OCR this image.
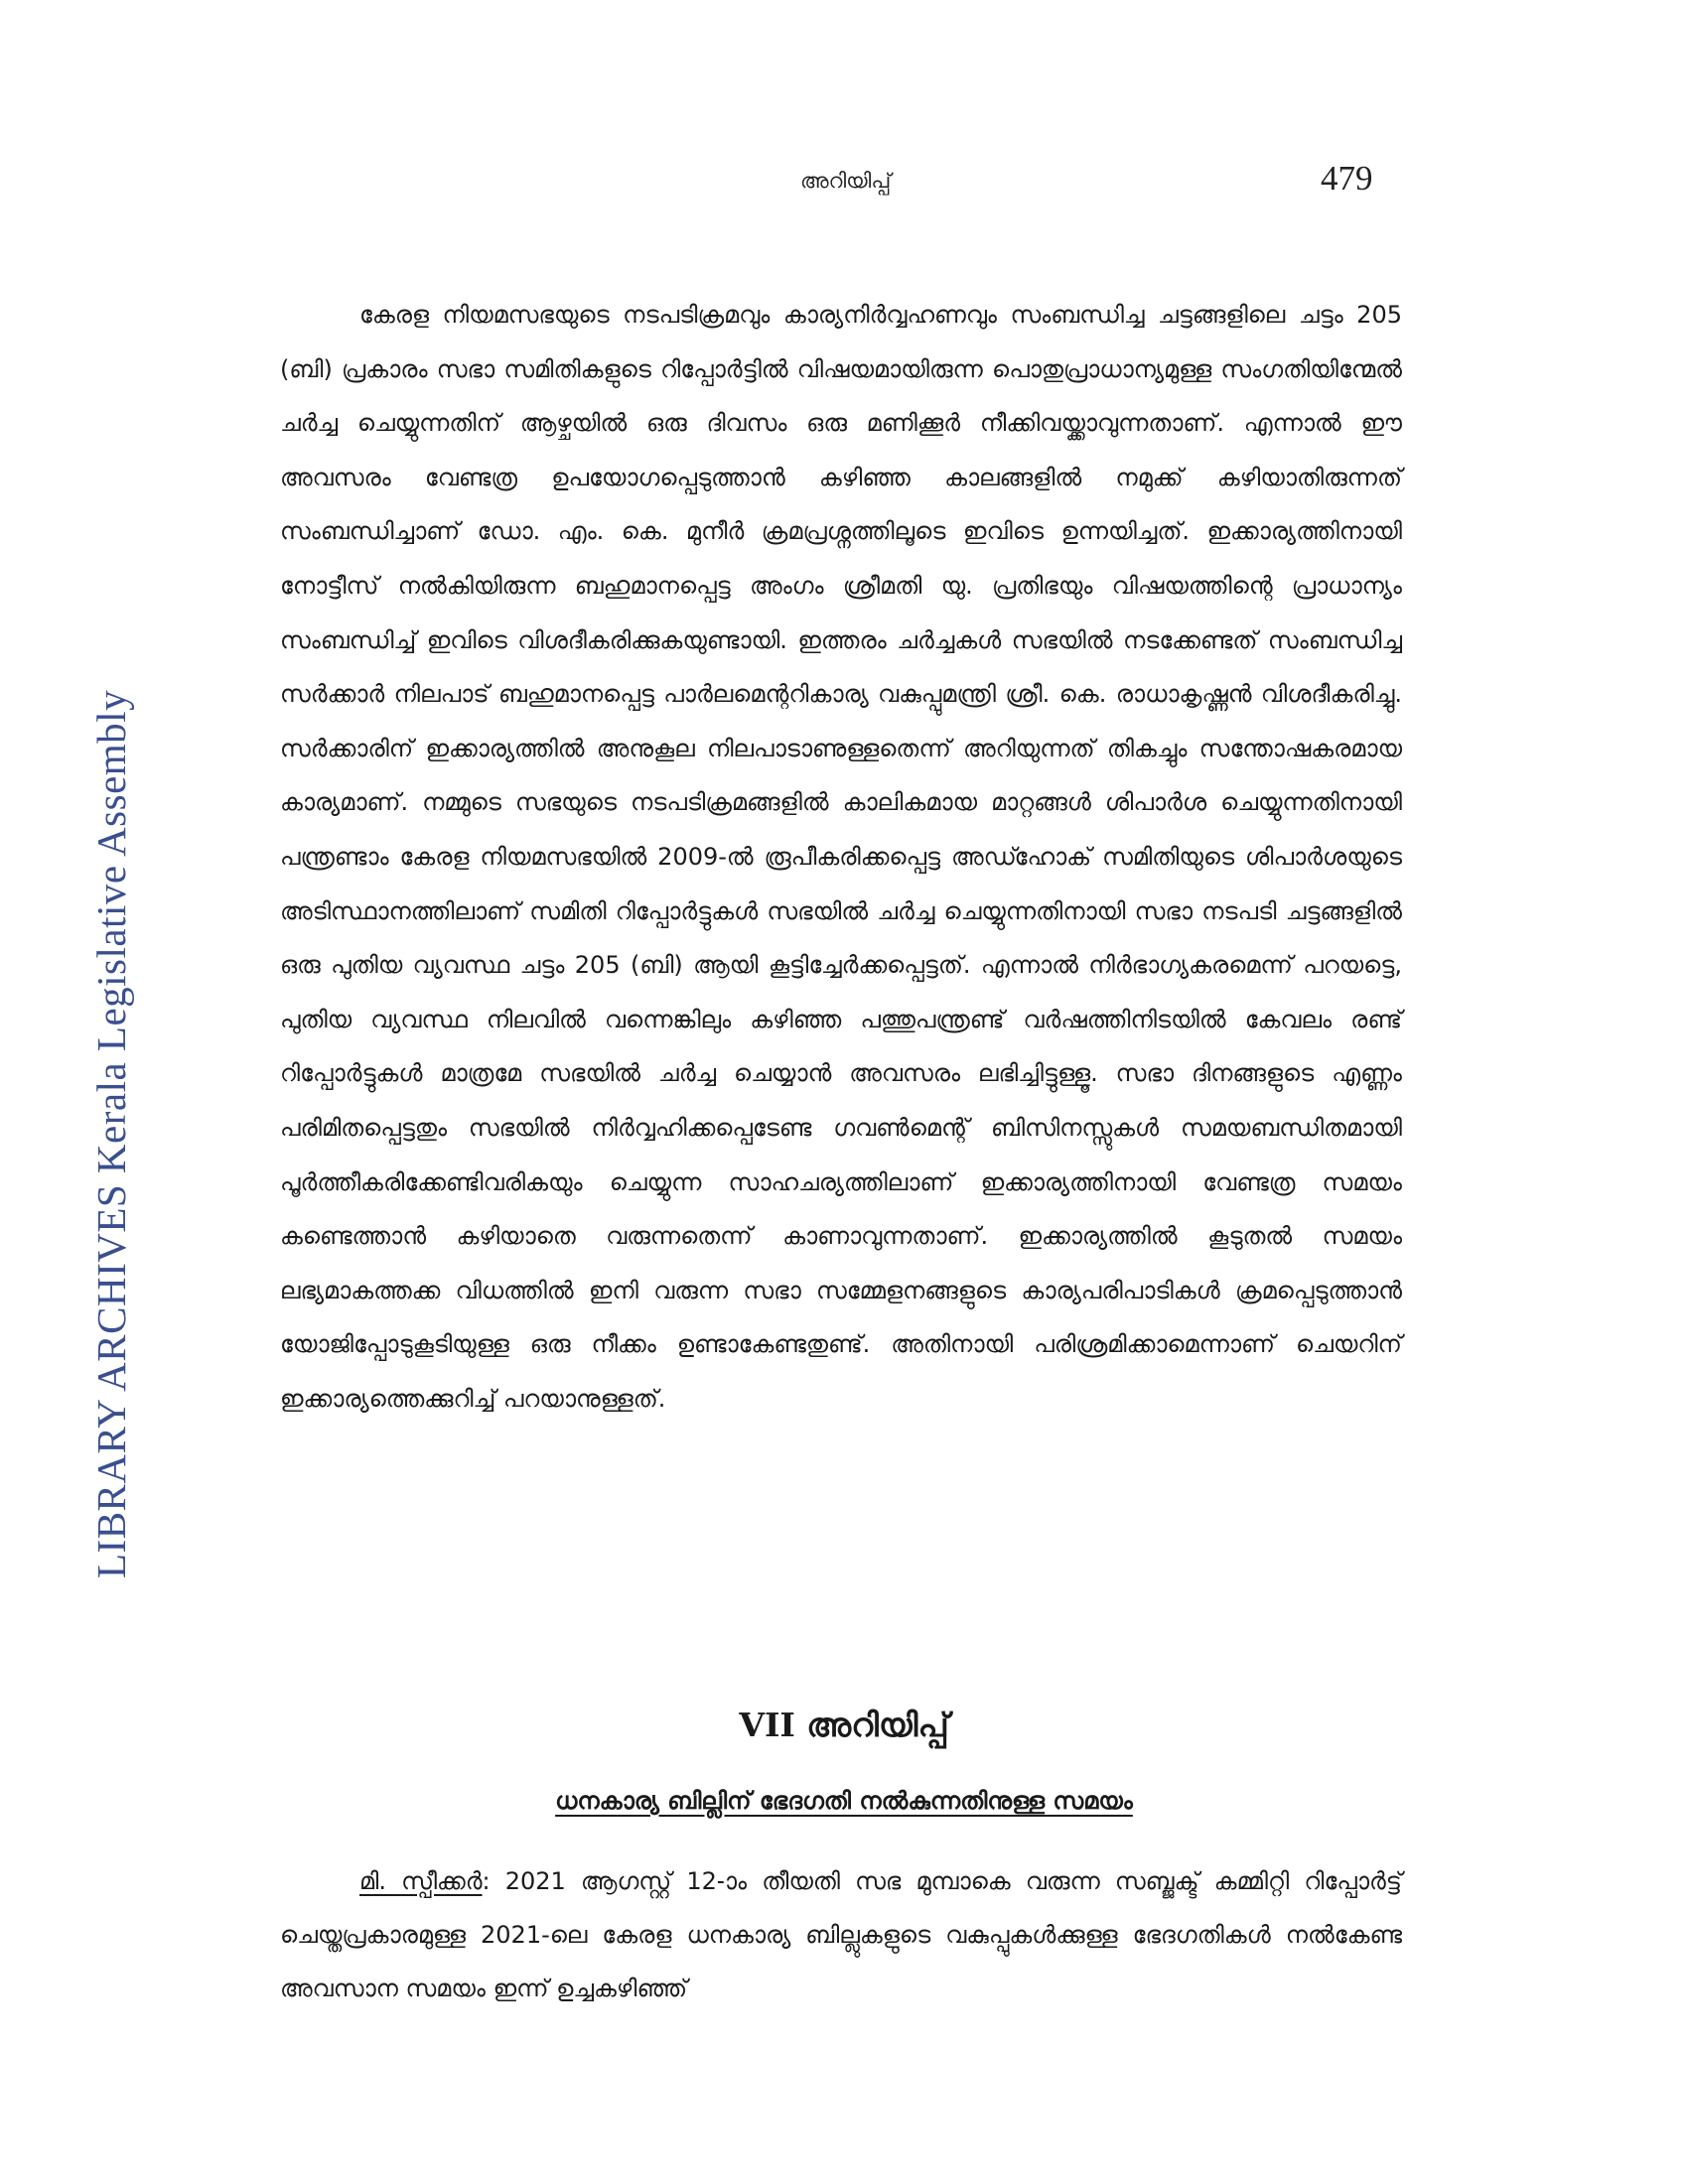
LIBRARY ARCHIVES Kerala Legislative Assembly
അറിയിപ്പ്	479

കേരള നിയമസഭയുടെ നടപടിക്രമവും കാര്യനിർവ്വഹണവും സംബന്ധിച്ച ചട്ടങ്ങളിലെ ചട്ടം 205 (ബി) പ്രകാരം സഭാ സമിതികളുടെ റിപ്പോർട്ടിൽ വിഷയമായിരുന്ന പൊതുപ്രാധാന്യമുള്ള സംഗതിയിന്മേൽ ചർച്ച ചെയ്യുന്നതിന് ആഴ്ചയിൽ ഒരു ദിവസം ഒരു മണിക്കൂർ നീക്കിവയ്ക്കാവുന്നതാണ്. എന്നാൽ ഈ അവസരം വേണ്ടത്ര ഉപയോഗപ്പെടുത്താൻ കഴിഞ്ഞ കാലങ്ങളിൽ നമുക്ക് കഴിയാതിരുന്നത് സംബന്ധിച്ചാണ് ഡോ. എം. കെ. മുനീർ ക്രമപ്രശ്നത്തിലൂടെ ഇവിടെ ഉന്നയിച്ചത്. ഇക്കാര്യത്തിനായി നോട്ടീസ് നൽകിയിരുന്ന ബഹുമാനപ്പെട്ട അംഗം ശ്രീമതി യു. പ്രതിഭയും വിഷയത്തിന്റെ പ്രാധാന്യം സംബന്ധിച്ച് ഇവിടെ വിശദീകരിക്കുകയുണ്ടായി. ഇത്തരം ചർച്ചകൾ സഭയിൽ നടക്കേണ്ടത് സംബന്ധിച്ച സർക്കാർ നിലപാട് ബഹുമാനപ്പെട്ട പാർലമെന്ററികാര്യ വകുപ്പുമന്ത്രി ശ്രീ. കെ. രാധാകൃഷ്ണൻ വിശദീകരിച്ചു. സർക്കാരിന് ഇക്കാര്യത്തിൽ അനുകൂല നിലപാടാണുള്ളതെന്ന് അറിയുന്നത് തികച്ചും സന്തോഷകരമായ കാര്യമാണ്. നമ്മുടെ സഭയുടെ നടപടിക്രമങ്ങളിൽ കാലികമായ മാറ്റങ്ങൾ ശിപാർശ ചെയ്യുന്നതിനായി പന്ത്രണ്ടാം കേരള നിയമസഭയിൽ 2009-ൽ രൂപീകരിക്കപ്പെട്ട അഡ്ഹോക് സമിതിയുടെ ശിപാർശയുടെ അടിസ്ഥാനത്തിലാണ് സമിതി റിപ്പോർട്ടുകൾ സഭയിൽ ചർച്ച ചെയ്യുന്നതിനായി സഭാ നടപടി ചട്ടങ്ങളിൽ ഒരു പുതിയ വ്യവസ്ഥ ചട്ടം 205 (ബി) ആയി കൂട്ടിച്ചേർക്കപ്പെട്ടത്. എന്നാൽ നിർഭാഗ്യകരമെന്ന് പറയട്ടെ, പുതിയ വ്യവസ്ഥ നിലവിൽ വന്നെങ്കിലും കഴിഞ്ഞ പത്തുപന്ത്രണ്ട് വർഷത്തിനിടയിൽ കേവലം രണ്ട് റിപ്പോർട്ടുകൾ മാത്രമേ സഭയിൽ ചർച്ച ചെയ്യാൻ അവസരം ലഭിച്ചിട്ടുള്ളൂ. സഭാ ദിനങ്ങളുടെ എണ്ണം പരിമിതപ്പെട്ടതും സഭയിൽ നിർവ്വഹിക്കപ്പെടേണ്ട ഗവൺമെന്റ് ബിസിനസ്സുകൾ സമയബന്ധിതമായി പൂർത്തീകരിക്കേണ്ടിവരികയും ചെയ്യുന്ന സാഹചര്യത്തിലാണ് ഇക്കാര്യത്തിനായി വേണ്ടത്ര സമയം കണ്ടെത്താൻ കഴിയാതെ വരുന്നതെന്ന് കാണാവുന്നതാണ്. ഇക്കാര്യത്തിൽ കൂടുതൽ സമയം ലഭ്യമാകത്തക്ക വിധത്തിൽ ഇനി വരുന്ന സഭാ സമ്മേളനങ്ങളുടെ കാര്യപരിപാടികൾ ക്രമപ്പെടുത്താൻ യോജിപ്പോടുകൂടിയുള്ള ഒരു നീക്കം ഉണ്ടാകേണ്ടതുണ്ട്. അതിനായി പരിശ്രമിക്കാമെന്നാണ് ചെയറിന് ഇക്കാര്യത്തെക്കുറിച്ച് പറയാനുള്ളത്.

VII അറിയിപ്പ്
ധനകാര്യ ബില്ലിന് ഭേദഗതി നൽകുന്നതിനുള്ള സമയം

മി. സ്പീക്കർ: 2021 ആഗസ്റ്റ് 12-ാം തീയതി സഭ മുമ്പാകെ വരുന്ന സബ്ജക്ട് കമ്മിറ്റി റിപ്പോർട്ട് ചെയ്തപ്രകാരമുള്ള 2021-ലെ കേരള ധനകാര്യ ബില്ലുകളുടെ വകുപ്പുകൾക്കുള്ള ഭേദഗതികൾ നൽകേണ്ട അവസാന സമയം ഇന്ന് ഉച്ചകഴിഞ്ഞ്
